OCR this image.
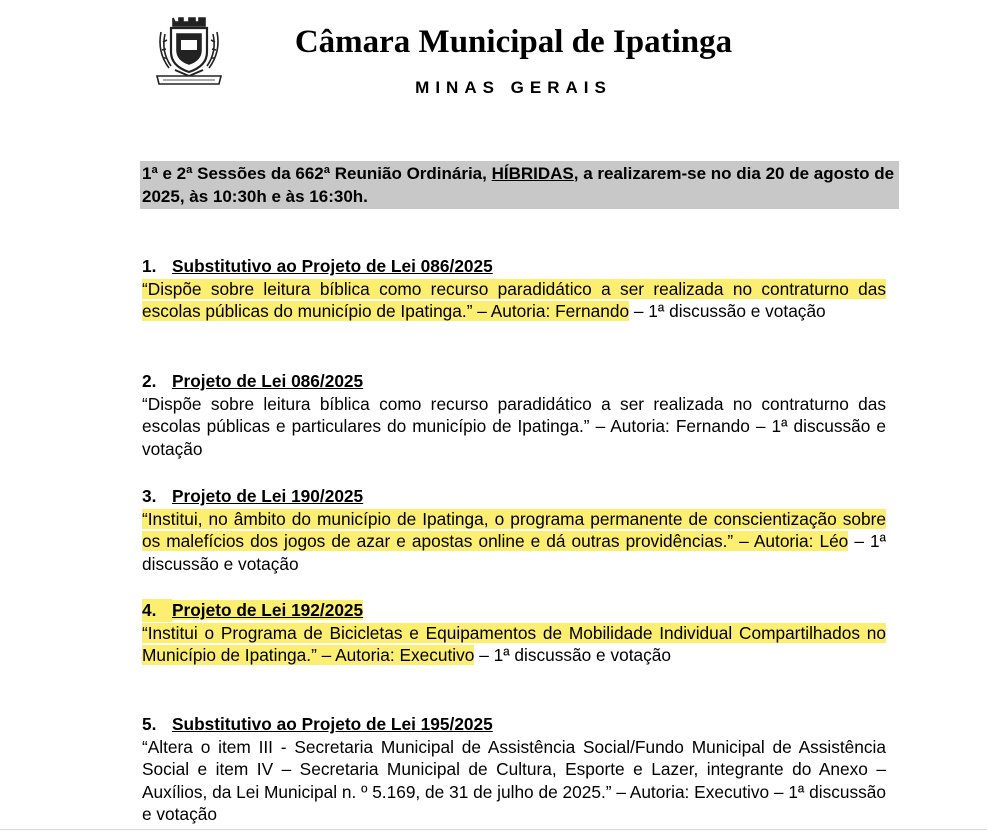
Câmara Municipal de Ipatinga
MINAS GERAIS
1ª e 2ª Sessões da 662ª Reunião Ordinária, HÍBRIDAS, a realizarem-se no dia 20 de agosto de 2025, às 10:30h e às 16:30h.
1. Substitutivo ao Projeto de Lei 086/2025
“Dispõe sobre leitura bíblica como recurso paradidático a ser realizada no contraturno das escolas públicas do município de Ipatinga.” – Autoria: Fernando – 1ª discussão e votação
2. Projeto de Lei 086/2025
“Dispõe sobre leitura bíblica como recurso paradidático a ser realizada no contraturno das escolas públicas e particulares do município de Ipatinga.” – Autoria: Fernando – 1ª discussão e votação
3. Projeto de Lei 190/2025
“Institui, no âmbito do município de Ipatinga, o programa permanente de conscientização sobre os malefícios dos jogos de azar e apostas online e dá outras providências.” – Autoria: Léo – 1ª discussão e votação
4. Projeto de Lei 192/2025
“Institui o Programa de Bicicletas e Equipamentos de Mobilidade Individual Compartilhados no Município de Ipatinga.” – Autoria: Executivo – 1ª discussão e votação
5. Substitutivo ao Projeto de Lei 195/2025
“Altera o item III - Secretaria Municipal de Assistência Social/Fundo Municipal de Assistência Social e item IV – Secretaria Municipal de Cultura, Esporte e Lazer, integrante do Anexo – Auxílios, da Lei Municipal n. º 5.169, de 31 de julho de 2025.” – Autoria: Executivo – 1ª discussão e votação
